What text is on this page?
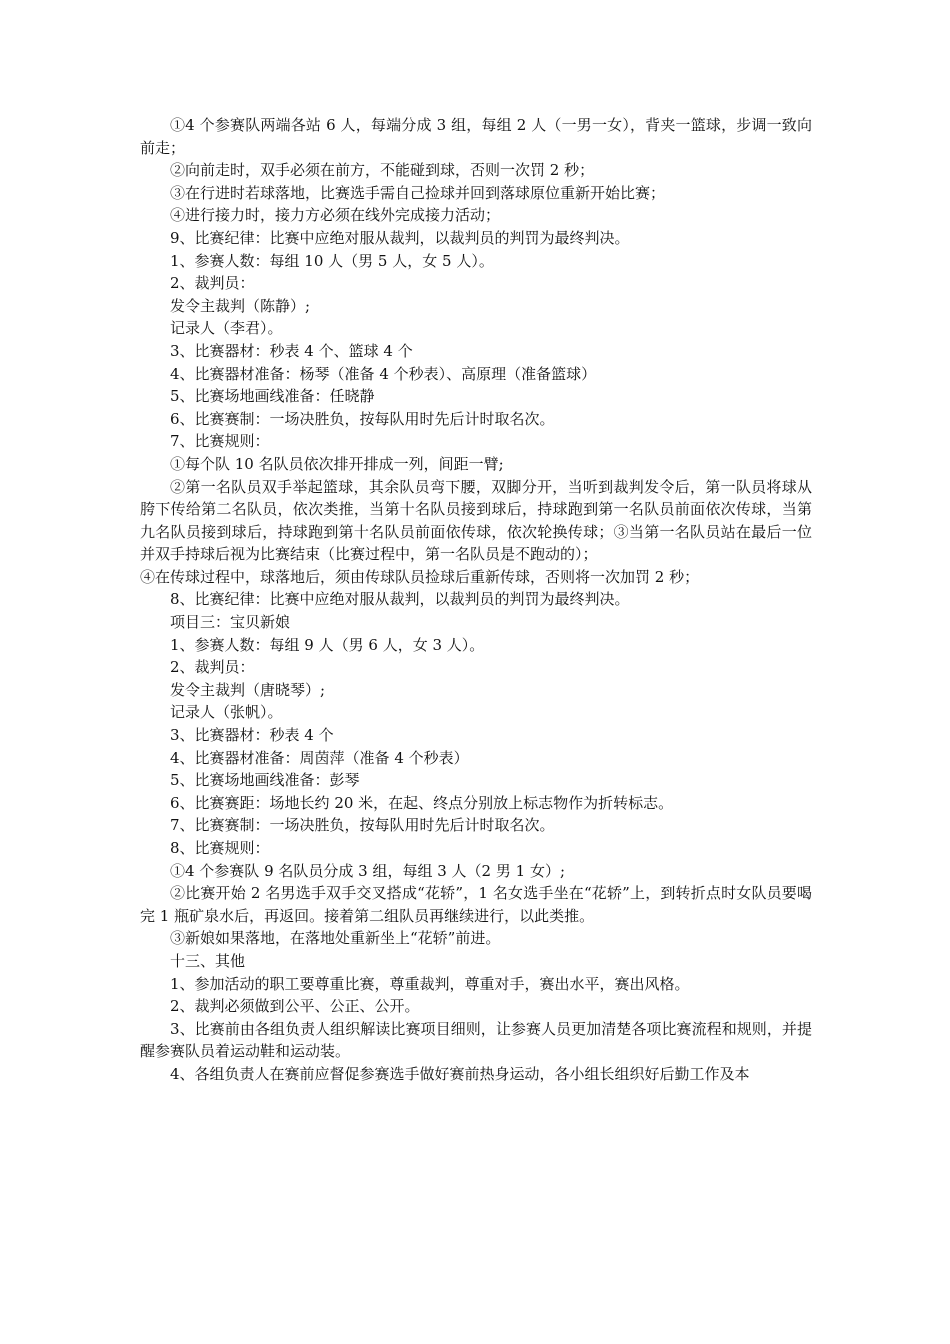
①4 个参赛队两端各站 6 人，每端分成 3 组，每组 2 人（一男一女），背夹一篮球，步调一致向前走；

②向前走时，双手必须在前方，不能碰到球，否则一次罚 2 秒；

③在行进时若球落地，比赛选手需自己捡球并回到落球原位重新开始比赛；

④进行接力时，接力方必须在线外完成接力活动；

9、比赛纪律：比赛中应绝对服从裁判，以裁判员的判罚为最终判决。

1、参赛人数：每组 10 人（男 5 人，女 5 人）。

2、裁判员：

发令主裁判（陈静）;

记录人（李君）。

3、比赛器材：秒表 4 个、篮球 4 个

4、比赛器材准备：杨琴（准备 4 个秒表）、高原理（准备篮球）

5、比赛场地画线准备：任晓静

6、比赛赛制：一场决胜负，按每队用时先后计时取名次。

7、比赛规则：

①每个队 10 名队员依次排开排成一列，间距一臂;

②第一名队员双手举起篮球，其余队员弯下腰，双脚分开，当听到裁判发令后，第一队员将球从胯下传给第二名队员，依次类推，当第十名队员接到球后，持球跑到第一名队员前面依次传球，当第九名队员接到球后，持球跑到第十名队员前面依传球，依次轮换传球；③当第一名队员站在最后一位并双手持球后视为比赛结束（比赛过程中，第一名队员是不跑动的）；

④在传球过程中，球落地后，须由传球队员捡球后重新传球，否则将一次加罚 2 秒；

8、比赛纪律：比赛中应绝对服从裁判，以裁判员的判罚为最终判决。

项目三：宝贝新娘

1、参赛人数：每组 9 人（男 6 人，女 3 人）。

2、裁判员：

发令主裁判（唐晓琴）;

记录人（张帆）。

3、比赛器材：秒表 4 个

4、比赛器材准备：周茵萍（准备 4 个秒表）

5、比赛场地画线准备：彭琴

6、比赛赛距：场地长约 20 米，在起、终点分别放上标志物作为折转标志。

7、比赛赛制：一场决胜负，按每队用时先后计时取名次。

8、比赛规则：

①4 个参赛队 9 名队员分成 3 组，每组 3 人（2 男 1 女）;

②比赛开始 2 名男选手双手交叉搭成“花轿”，1 名女选手坐在“花轿”上，到转折点时女队员要喝完 1 瓶矿泉水后，再返回。接着第二组队员再继续进行，以此类推。

③新娘如果落地，在落地处重新坐上“花轿”前进。

十三、其他

1、参加活动的职工要尊重比赛，尊重裁判，尊重对手，赛出水平，赛出风格。

2、裁判必须做到公平、公正、公开。

3、比赛前由各组负责人组织解读比赛项目细则，让参赛人员更加清楚各项比赛流程和规则，并提醒参赛队员着运动鞋和运动装。

4、各组负责人在赛前应督促参赛选手做好赛前热身运动，各小组长组织好后勤工作及本
